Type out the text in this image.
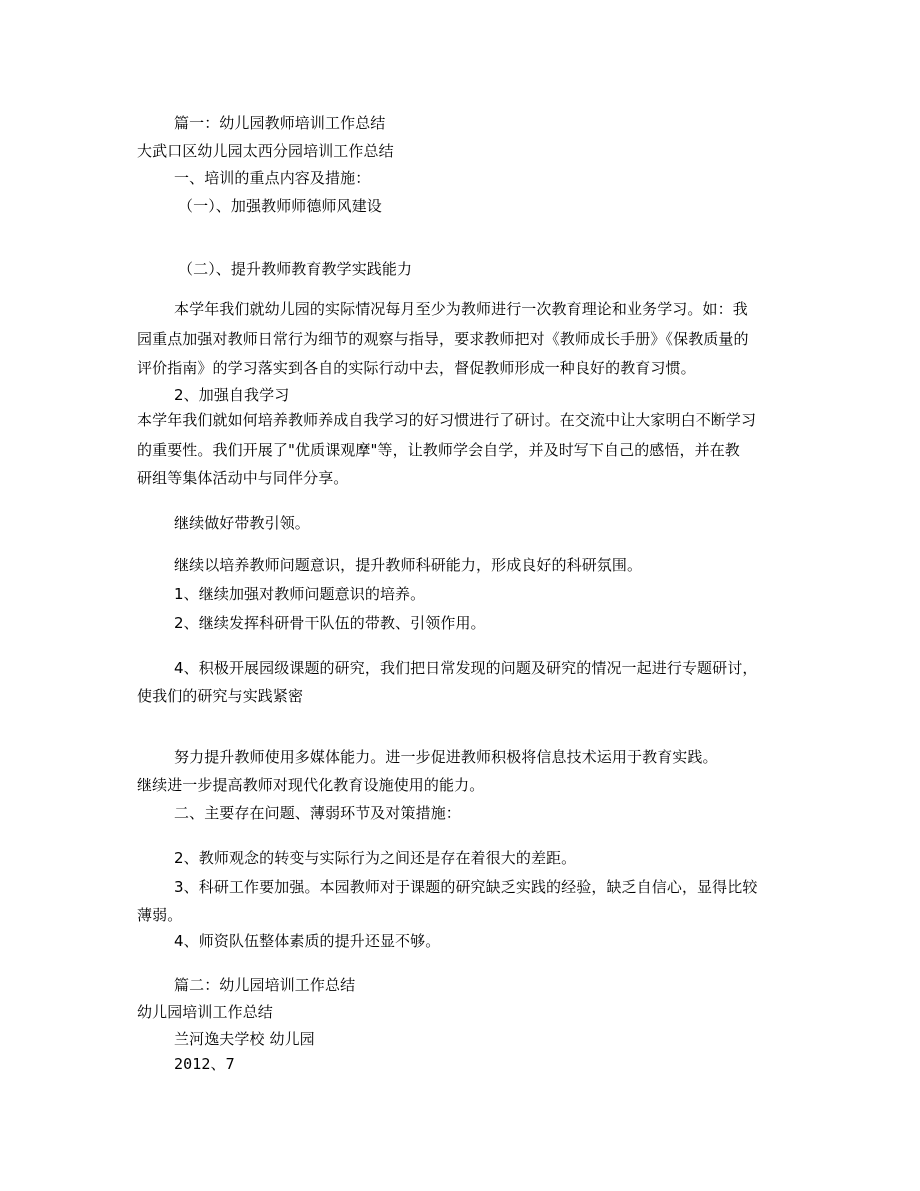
篇一：幼儿园教师培训工作总结
大武口区幼儿园太西分园培训工作总结
一、培训的重点内容及措施：
（一）、加强教师师德师风建设
（二）、提升教师教育教学实践能力
本学年我们就幼儿园的实际情况每月至少为教师进行一次教育理论和业务学习。如：我
园重点加强对教师日常行为细节的观察与指导，要求教师把对《教师成长手册》《保教质量的
评价指南》的学习落实到各自的实际行动中去，督促教师形成一种良好的教育习惯。
2、加强自我学习
本学年我们就如何培养教师养成自我学习的好习惯进行了研讨。在交流中让大家明白不断学习
的重要性。我们开展了"优质课观摩"等，让教师学会自学，并及时写下自己的感悟，并在教
研组等集体活动中与同伴分享。
继续做好带教引领。
继续以培养教师问题意识，提升教师科研能力，形成良好的科研氛围。
1、继续加强对教师问题意识的培养。
2、继续发挥科研骨干队伍的带教、引领作用。
4、积极开展园级课题的研究，我们把日常发现的问题及研究的情况一起进行专题研讨，
使我们的研究与实践紧密
努力提升教师使用多媒体能力。进一步促进教师积极将信息技术运用于教育实践。
继续进一步提高教师对现代化教育设施使用的能力。
二、主要存在问题、薄弱环节及对策措施：
2、教师观念的转变与实际行为之间还是存在着很大的差距。
3、科研工作要加强。本园教师对于课题的研究缺乏实践的经验，缺乏自信心，显得比较
薄弱。
4、师资队伍整体素质的提升还显不够。
篇二：幼儿园培训工作总结
幼儿园培训工作总结
兰河逸夫学校 幼儿园
2012、7
